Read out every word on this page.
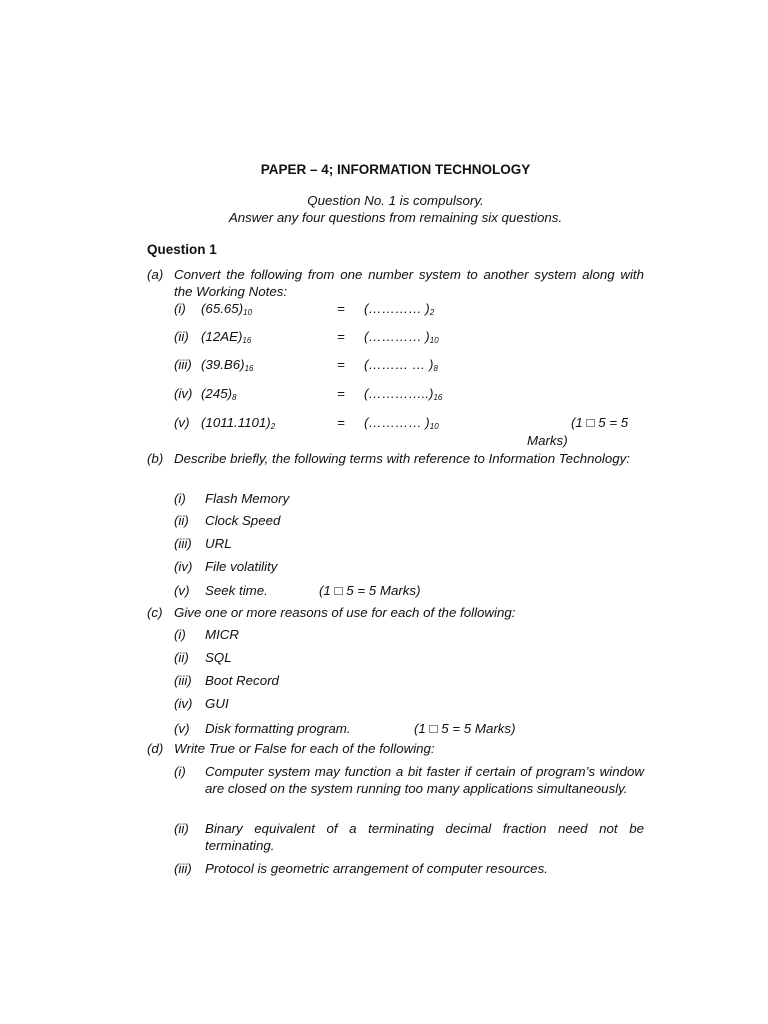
PAPER – 4; INFORMATION TECHNOLOGY
Question No. 1 is compulsory.
Answer any four questions from remaining six questions.
Question 1
(a) Convert the following from one number system to another system along with the Working Notes:
(i) $(65.65)_{10}$	= (………… )$_2$
(ii) $(12AE)_{16}$	= (………… )$_{10}$
(iii) $(39.B6)_{16}$	= (……… … )$_8$
(iv) $(245)_8$	= $(\dots\dots\dots\dots..)_{16}$
(v) $(1011.1101)_2$	= (………… )$_{10}$	(1 □ 5 = 5
Marks)
(b) Describe briefly, the following terms with reference to Information Technology:
(i) Flash Memory
(ii) Clock Speed
(iii) URL
(iv) File volatility
(v) Seek time.	(1 □ 5 = 5 Marks)
(c) Give one or more reasons of use for each of the following:
(i) MICR
(ii) SQL
(iii) Boot Record
(iv) GUI
(v) Disk formatting program.	(1 □ 5 = 5 Marks)
(d) Write True or False for each of the following:
(i) Computer system may function a bit faster if certain of program’s window are closed on the system running too many applications simultaneously.
(ii) Binary equivalent of a terminating decimal fraction need not be terminating.
(iii) Protocol is geometric arrangement of computer resources.
